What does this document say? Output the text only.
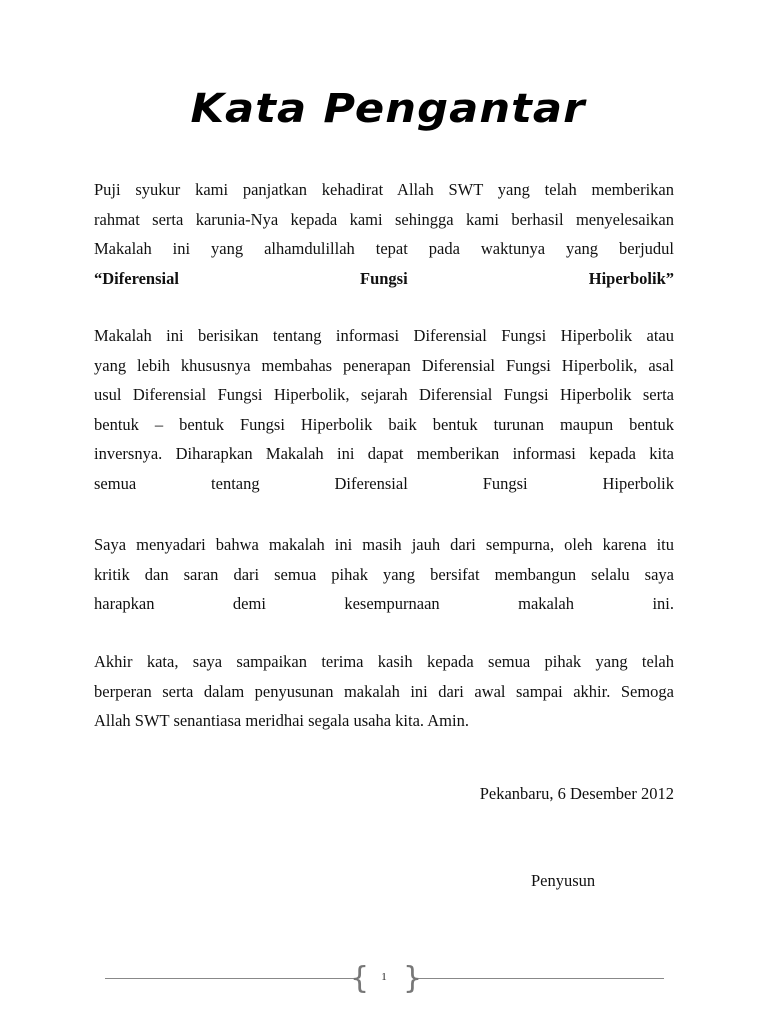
Kata Pengantar
Puji syukur kami panjatkan kehadirat Allah SWT yang telah memberikan
rahmat serta karunia-Nya kepada kami sehingga kami berhasil menyelesaikan
Makalah ini yang alhamdulillah tepat pada waktunya yang berjudul
“Diferensial Fungsi Hiperbolik”
Makalah ini berisikan tentang informasi Diferensial Fungsi Hiperbolik atau
yang lebih khususnya membahas penerapan Diferensial Fungsi Hiperbolik, asal
usul Diferensial Fungsi Hiperbolik, sejarah Diferensial Fungsi Hiperbolik serta
bentuk – bentuk Fungsi Hiperbolik baik bentuk turunan maupun bentuk
inversnya. Diharapkan Makalah ini dapat memberikan informasi kepada kita
semua tentang Diferensial Fungsi Hiperbolik
Saya menyadari bahwa makalah ini masih jauh dari sempurna, oleh karena itu
kritik dan saran dari semua pihak yang bersifat membangun selalu saya
harapkan demi kesempurnaan makalah ini.
Akhir kata, saya sampaikan terima kasih kepada semua pihak yang telah
berperan serta dalam penyusunan makalah ini dari awal sampai akhir. Semoga
Allah SWT senantiasa meridhai segala usaha kita. Amin.
Pekanbaru, 6 Desember 2012
Penyusun
{ }
1
